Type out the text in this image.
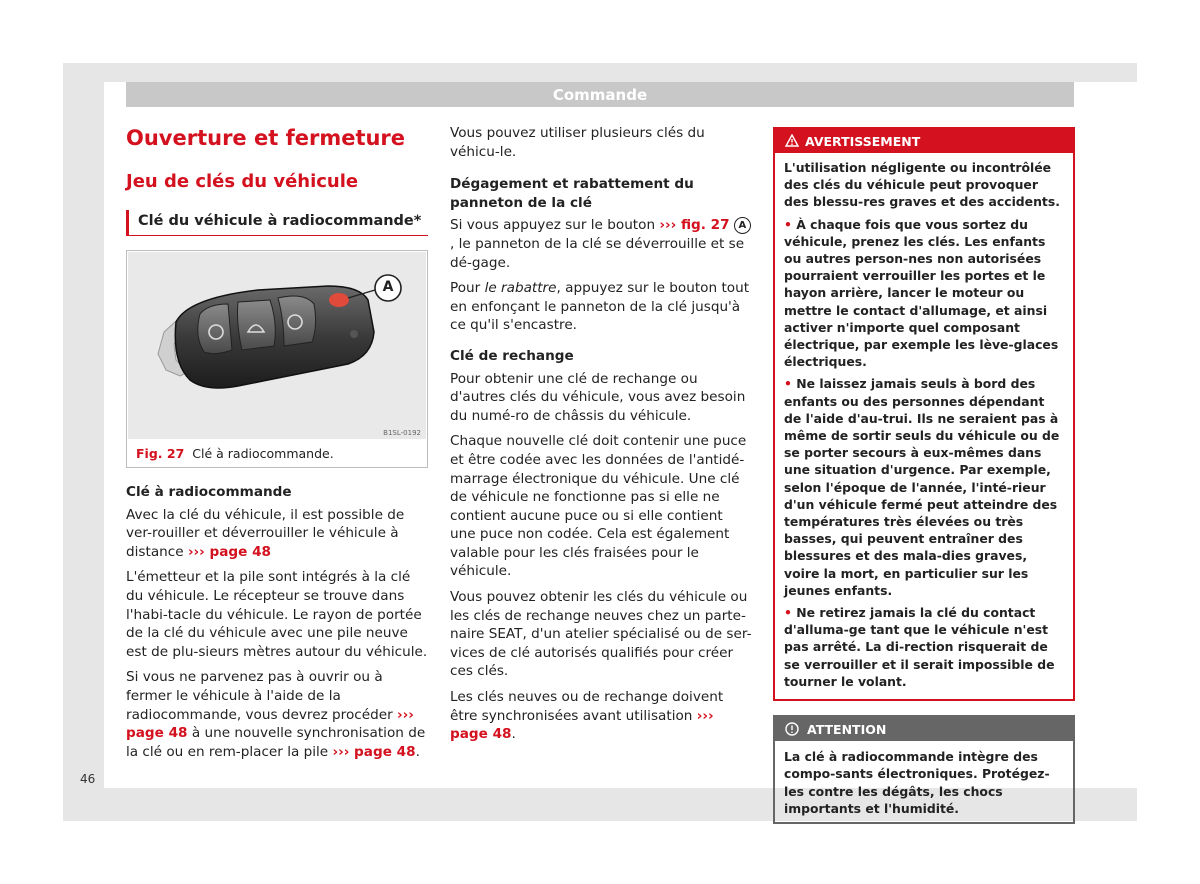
Commande
Ouverture et fermeture
Jeu de clés du véhicule
Clé du véhicule à radiocommande*
A
B1SL-0192
Fig. 27 Clé à radiocommande.
Clé à radiocommande

Avec la clé du véhicule, il est possible de ver-rouiller et déverrouiller le véhicule à distance ››› page 48

L'émetteur et la pile sont intégrés à la clé du véhicule. Le récepteur se trouve dans l'habi-tacle du véhicule. Le rayon de portée de la clé du véhicule avec une pile neuve est de plu-sieurs mètres autour du véhicule.

Si vous ne parvenez pas à ouvrir ou à fermer le véhicule à l'aide de la radiocommande, vous devrez procéder ››› page 48 à une nouvelle synchronisation de la clé ou en rem-placer la pile ››› page 48.

Vous pouvez utiliser plusieurs clés du véhicu-le.

Dégagement et rabattement du panneton de la clé

Si vous appuyez sur le bouton ››› fig. 27 A, le panneton de la clé se déverrouille et se dé-gage.

Pour le rabattre, appuyez sur le bouton tout en enfonçant le panneton de la clé jusqu'à ce qu'il s'encastre.

Clé de rechange

Pour obtenir une clé de rechange ou d'autres clés du véhicule, vous avez besoin du numé-ro de châssis du véhicule.

Chaque nouvelle clé doit contenir une puce et être codée avec les données de l'antidé-marrage électronique du véhicule. Une clé de véhicule ne fonctionne pas si elle ne contient aucune puce ou si elle contient une puce non codée. Cela est également valable pour les clés fraisées pour le véhicule.

Vous pouvez obtenir les clés du véhicule ou les clés de rechange neuves chez un parte-naire SEAT, d'un atelier spécialisé ou de ser-vices de clé autorisés qualifiés pour créer ces clés.

Les clés neuves ou de rechange doivent être synchronisées avant utilisation ››› page 48.

AVERTISSEMENT

L'utilisation négligente ou incontrôlée des clés du véhicule peut provoquer des blessu-res graves et des accidents.

• À chaque fois que vous sortez du véhicule, prenez les clés. Les enfants ou autres person-nes non autorisées pourraient verrouiller les portes et le hayon arrière, lancer le moteur ou mettre le contact d'allumage, et ainsi activer n'importe quel composant électrique, par exemple les lève-glaces électriques.

• Ne laissez jamais seuls à bord des enfants ou des personnes dépendant de l'aide d'au-trui. Ils ne seraient pas à même de sortir seuls du véhicule ou de se porter secours à eux-mêmes dans une situation d'urgence. Par exemple, selon l'époque de l'année, l'inté-rieur d'un véhicule fermé peut atteindre des températures très élevées ou très basses, qui peuvent entraîner des blessures et des mala-dies graves, voire la mort, en particulier sur les jeunes enfants.

• Ne retirez jamais la clé du contact d'alluma-ge tant que le véhicule n'est pas arrêté. La di-rection risquerait de se verrouiller et il serait impossible de tourner le volant.

ATTENTION
La clé à radiocommande intègre des compo-sants électroniques. Protégez-les contre les dégâts, les chocs importants et l'humidité.
46
